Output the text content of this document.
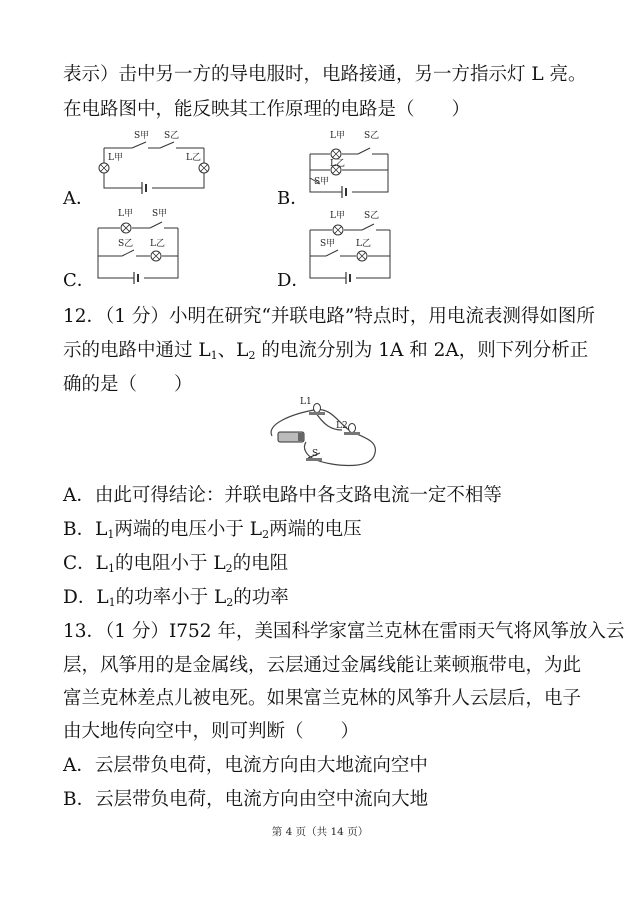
表示）击中另一方的导电服时，电路接通，另一方指示灯 L 亮。
在电路图中，能反映其工作原理的电路是（　　）
A．	B．
C．	D．
S甲 S乙
L甲	L乙
L甲 S乙
L乙
S甲
L甲 S甲
S乙 L乙
L甲 S乙
S甲 L乙
12．（1 分）小明在研究“并联电路”特点时，用电流表测得如图所
示的电路中通过 $L_1$、$L_2$ 的电流分别为 1A 和 2A，则下列分析正
确的是（　　）
L1
L2
S
A．由此可得结论：并联电路中各支路电流一定不相等
B．$L_1$两端的电压小于 $L_2$两端的电压
C．$L_1$的电阻小于 $L_2$的电阻
D．$L_1$的功率小于 $L_2$的功率
13．（1 分）I752 年，美国科学家富兰克林在雷雨天气将风筝放入云
层，风筝用的是金属线，云层通过金属线能让莱顿瓶带电，为此
富兰克林差点儿被电死。如果富兰克林的风筝升人云层后，电子
由大地传向空中，则可判断（　　）
A．云层带负电荷，电流方向由大地流向空中
B．云层带负电荷，电流方向由空中流向大地
第 4 页（共 14 页）
